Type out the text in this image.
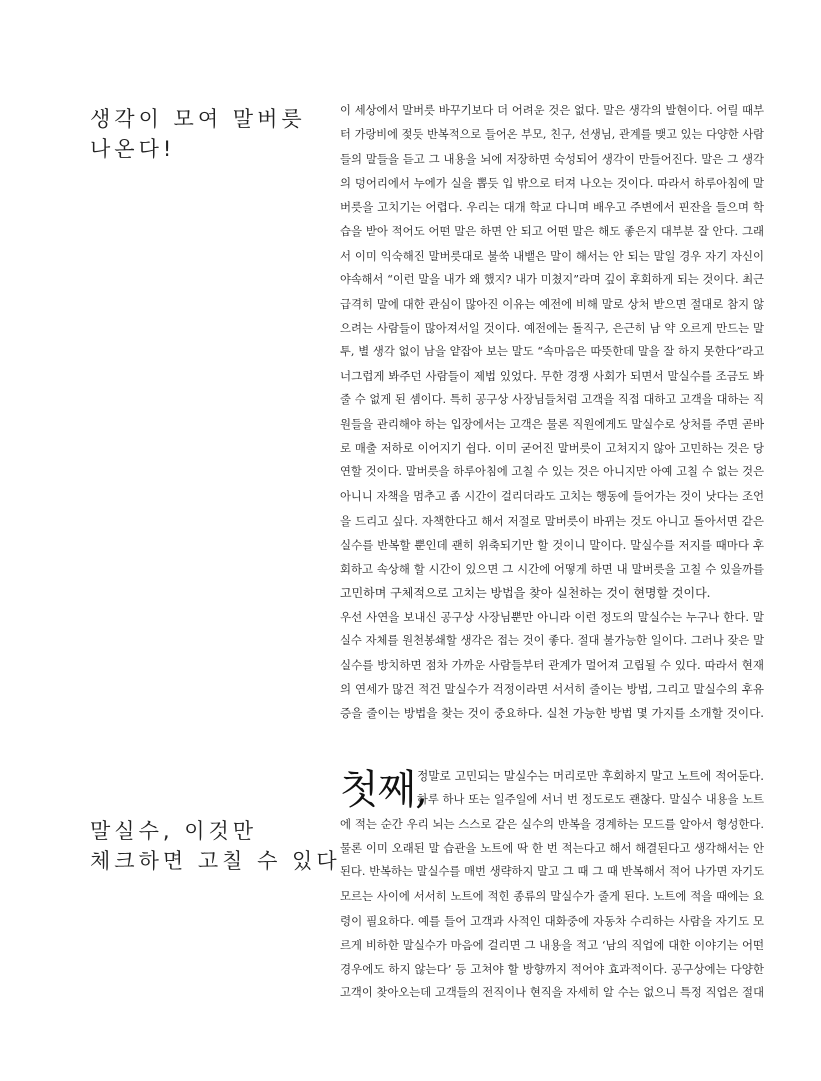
생각이 모여 말버릇
나온다!
이 세상에서 말버릇 바꾸기보다 더 어려운 것은 없다. 말은 생각의 발현이다. 어릴 때부
터 가랑비에 젖듯 반복적으로 들어온 부모, 친구, 선생님, 관계를 맺고 있는 다양한 사람
들의 말들을 듣고 그 내용을 뇌에 저장하면 숙성되어 생각이 만들어진다. 말은 그 생각
의 덩어리에서 누에가 실을 뽑듯 입 밖으로 터져 나오는 것이다. 따라서 하루아침에 말
버릇을 고치기는 어렵다. 우리는 대개 학교 다니며 배우고 주변에서 핀잔을 들으며 학
습을 받아 적어도 어떤 말은 하면 안 되고 어떤 말은 해도 좋은지 대부분 잘 안다. 그래
서 이미 익숙해진 말버릇대로 불쑥 내뱉은 말이 해서는 안 되는 말일 경우 자기 자신이
야속해서 “이런 말을 내가 왜 했지? 내가 미쳤지”라며 깊이 후회하게 되는 것이다. 최근
급격히 말에 대한 관심이 많아진 이유는 예전에 비해 말로 상처 받으면 절대로 참지 않
으려는 사람들이 많아져서일 것이다. 예전에는 돌직구, 은근히 남 약 오르게 만드는 말
투, 별 생각 없이 남을 얕잡아 보는 말도 “속마음은 따뜻한데 말을 잘 하지 못한다”라고
너그럽게 봐주던 사람들이 제법 있었다. 무한 경쟁 사회가 되면서 말실수를 조금도 봐
줄 수 없게 된 셈이다. 특히 공구상 사장님들처럼 고객을 직접 대하고 고객을 대하는 직
원들을 관리해야 하는 입장에서는 고객은 물론 직원에게도 말실수로 상처를 주면 곧바
로 매출 저하로 이어지기 쉽다. 이미 굳어진 말버릇이 고쳐지지 않아 고민하는 것은 당
연할 것이다. 말버릇을 하루아침에 고칠 수 있는 것은 아니지만 아예 고칠 수 없는 것은
아니니 자책을 멈추고 좀 시간이 걸리더라도 고치는 행동에 들어가는 것이 낫다는 조언
을 드리고 싶다. 자책한다고 해서 저절로 말버릇이 바뀌는 것도 아니고 돌아서면 같은
실수를 반복할 뿐인데 괜히 위축되기만 할 것이니 말이다. 말실수를 저지를 때마다 후
회하고 속상해 할 시간이 있으면 그 시간에 어떻게 하면 내 말버릇을 고칠 수 있을까를
고민하며 구체적으로 고치는 방법을 찾아 실천하는 것이 현명할 것이다.
우선 사연을 보내신 공구상 사장님뿐만 아니라 이런 정도의 말실수는 누구나 한다. 말
실수 자체를 원천봉쇄할 생각은 접는 것이 좋다. 절대 불가능한 일이다. 그러나 잦은 말
실수를 방치하면 점차 가까운 사람들부터 관계가 멀어져 고립될 수 있다. 따라서 현재
의 연세가 많건 적건 말실수가 걱정이라면 서서히 줄이는 방법, 그리고 말실수의 후유
증을 줄이는 방법을 찾는 것이 중요하다. 실천 가능한 방법 몇 가지를 소개할 것이다.
말실수, 이것만
체크하면 고칠 수 있다
첫째,
정말로 고민되는 말실수는 머리로만 후회하지 말고 노트에 적어둔다.
하루 하나 또는 일주일에 서너 번 정도로도 괜찮다. 말실수 내용을 노트
에 적는 순간 우리 뇌는 스스로 같은 실수의 반복을 경계하는 모드를 알아서 형성한다.
물론 이미 오래된 말 습관을 노트에 딱 한 번 적는다고 해서 해결된다고 생각해서는 안
된다. 반복하는 말실수를 매번 생략하지 말고 그 때 그 때 반복해서 적어 나가면 자기도
모르는 사이에 서서히 노트에 적힌 종류의 말실수가 줄게 된다. 노트에 적을 때에는 요
령이 필요하다. 예를 들어 고객과 사적인 대화중에 자동차 수리하는 사람을 자기도 모
르게 비하한 말실수가 마음에 걸리면 그 내용을 적고 ‘남의 직업에 대한 이야기는 어떤
경우에도 하지 않는다’ 등 고쳐야 할 방향까지 적어야 효과적이다. 공구상에는 다양한
고객이 찾아오는데 고객들의 전직이나 현직을 자세히 알 수는 없으니 특정 직업은 절대
